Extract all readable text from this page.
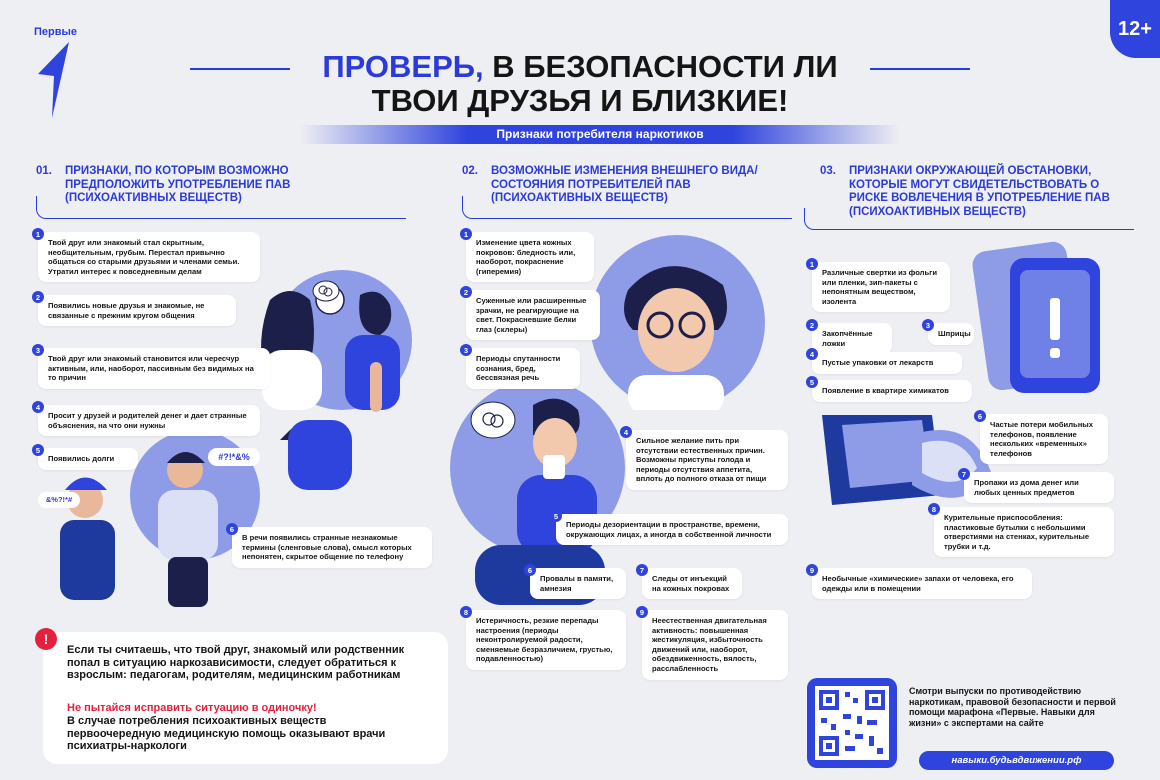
Первые	12+
ПРОВЕРЬ, В БЕЗОПАСНОСТИ ЛИ
ТВОИ ДРУЗЬЯ И БЛИЗКИЕ!
Признаки потребителя наркотиков
01. ПРИЗНАКИ, ПО КОТОРЫМ ВОЗМОЖНО ПРЕДПОЛОЖИТЬ УПОТРЕБЛЕНИЕ ПАВ (ПСИХОАКТИВНЫХ ВЕЩЕСТВ)
#?!*&%
&%?!*#
Твой друг или знакомый стал скрытным, необщительным, грубым. Перестал привычно общаться со старыми друзьями и членами семьи. Утратил интерес к повседневным делам
1
Появились новые друзья и знакомые, не связанные с прежним кругом общения
2
Твой друг или знакомый становится или чересчур активным, или, наоборот, пассивным без видимых на то причин
3
Просит у друзей и родителей денег и дает странные объяснения, на что они нужны
4
Появились долги
5
В речи появились странные незнакомые термины (сленговые слова), смысл которых непонятен, скрытое общение по телефону
6
02. ВОЗМОЖНЫЕ ИЗМЕНЕНИЯ ВНЕШНЕГО ВИДА/СОСТОЯНИЯ ПОТРЕБИТЕЛЕЙ ПАВ (ПСИХОАКТИВНЫХ ВЕЩЕСТВ)
Изменение цвета кожных покровов: бледность или, наоборот, покраснение (гиперемия)
1
Суженные или расширенные зрачки, не реагирующие на свет. Покрасневшие белки глаз (склеры)
2
Периоды спутанности сознания, бред, бессвязная речь
3
Сильное желание пить при отсутствии естественных причин. Возможны приступы голода и периоды отсутствия аппетита, вплоть до полного отказа от пищи
4
Периоды дезориентации в пространстве, времени, окружающих лицах, а иногда в собственной личности
5
Провалы в памяти, амнезия
6
Следы от инъекций на кожных покровах
7
Истеричность, резкие перепады настроения (периоды неконтролируемой радости, сменяемые безразличием, грустью, подавленностью)
8
Неестественная двигательная активность: повышенная жестикуляция, избыточность движений или, наоборот, обездвиженность, вялость, расслабленность
9
03. ПРИЗНАКИ ОКРУЖАЮЩЕЙ ОБСТАНОВКИ, КОТОРЫЕ МОГУТ СВИДЕТЕЛЬСТВОВАТЬ О РИСКЕ ВОВЛЕЧЕНИЯ В УПОТРЕБЛЕНИЕ ПАВ (ПСИХОАКТИВНЫХ ВЕЩЕСТВ)
Различные свертки из фольги или пленки, зип-пакеты с непонятным веществом, изолента
1
Закопчённые ложки
2
Шприцы
3
Пустые упаковки от лекарств
4
Появление в квартире химикатов
5
Частые потери мобильных телефонов, появление нескольких «временных» телефонов
6
Пропажи из дома денег или любых ценных предметов
7
Курительные приспособления: пластиковые бутылки с небольшими отверстиями на стенках, курительные трубки и т.д.
8
Необычные «химические» запахи от человека, его одежды или в помещении
9
!
Если ты считаешь, что твой друг, знакомый или родственник попал в ситуацию наркозависимости, следует обратиться к взрослым: педагогам, родителям, медицинским работникам
Не пытайся исправить ситуацию в одиночку!
В случае потребления психоактивных веществ первоочередную медицинскую помощь оказывают врачи психиатры-наркологи
Смотри выпуски по противодействию наркотикам, правовой безопасности и первой помощи марафона «Первые. Навыки для жизни» с экспертами на сайте
навыки.будьвдвижении.рф
